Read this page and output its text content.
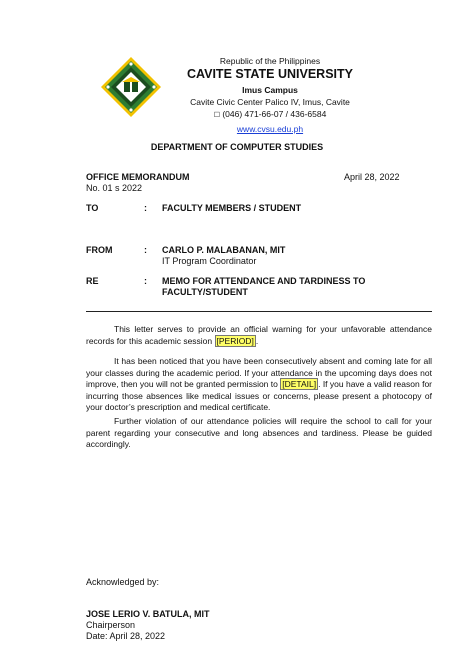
Republic of the Philippines
CAVITE STATE UNIVERSITY
Imus Campus
Cavite Civic Center Palico IV, Imus, Cavite
☐ (046) 471-66-07 / 436-6584
www.cvsu.edu.ph
DEPARTMENT OF COMPUTER STUDIES
OFFICE MEMORANDUM	April 28, 2022
No. 01 s 2022
TO	: FACULTY MEMBERS / STUDENT
FROM	: CARLO P. MALABANAN, MIT
IT Program Coordinator
RE	: MEMO FOR ATTENDANCE AND TARDINESS TO
FACULTY/STUDENT
This letter serves to provide an official warning for your unfavorable attendance records for this academic session [PERIOD] .
It has been noticed that you have been consecutively absent and coming late for all your classes during the academic period. If your attendance in the upcoming days does not improve, then you will not be granted permission to [DETAIL] . If you have a valid reason for incurring those absences like medical issues or concerns, please present a photocopy of your doctor’s prescription and medical certificate.
Further violation of our attendance policies will require the school to call for your parent regarding your consecutive and long absences and tardiness. Please be guided accordingly.
Acknowledged by:
JOSE LERIO V. BATULA, MIT
Chairperson
Date: April 28, 2022
